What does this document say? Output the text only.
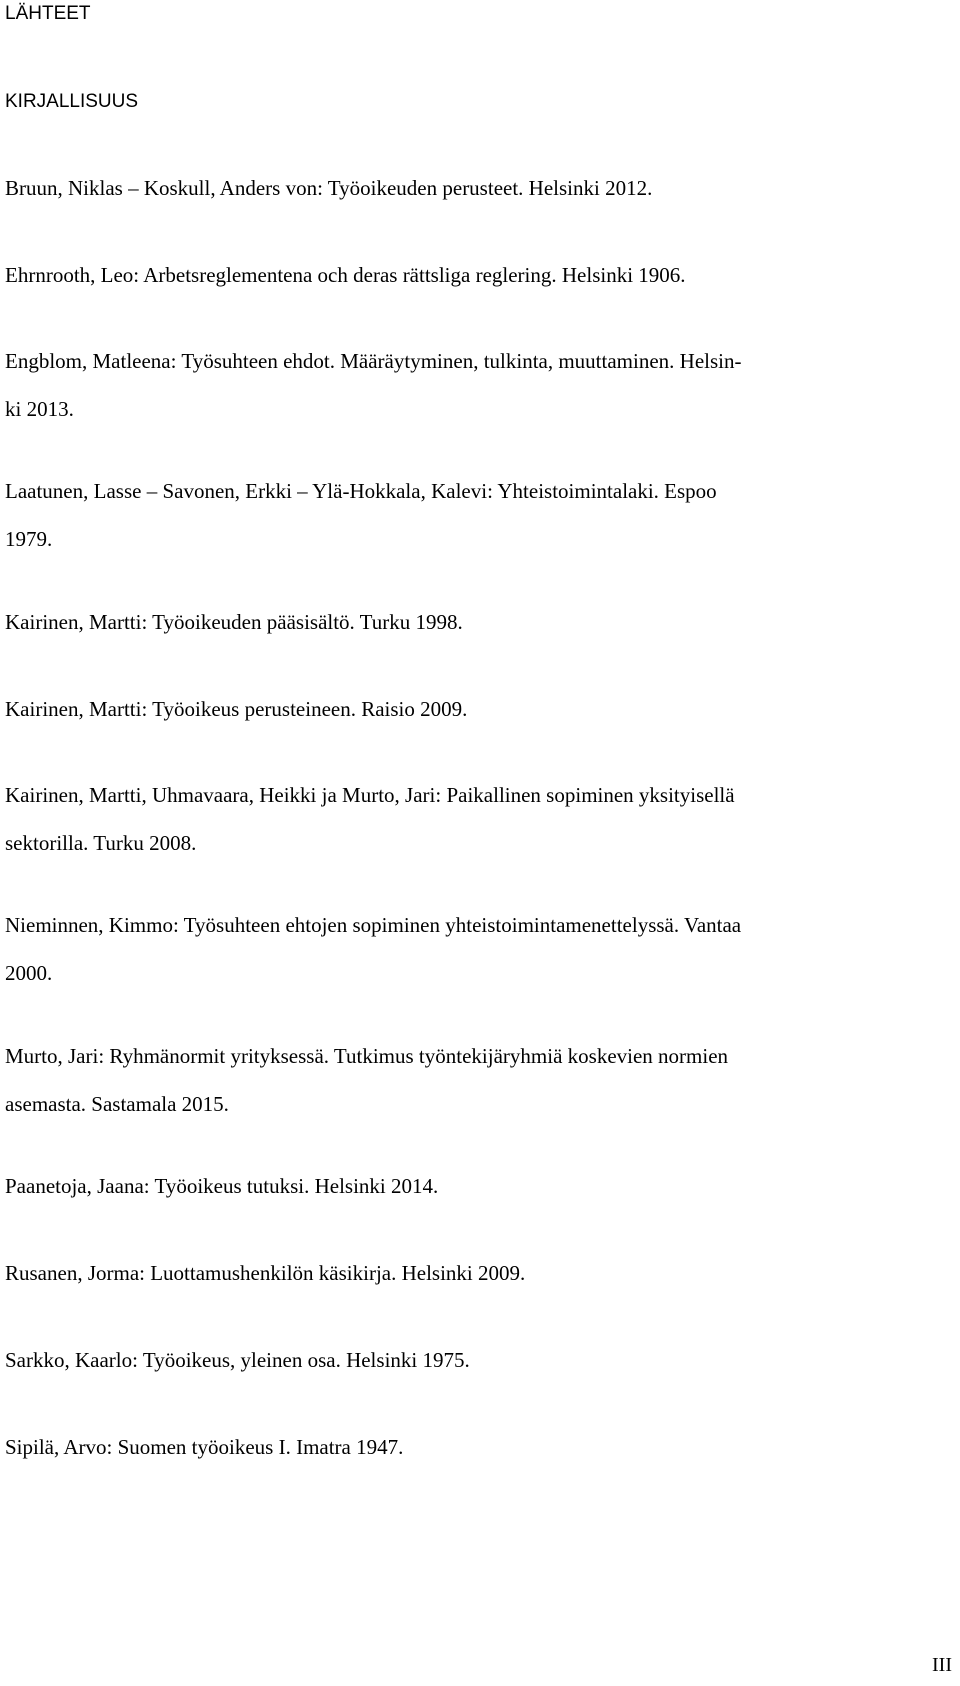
LÄHTEET
KIRJALLISUUS
Bruun, Niklas – Koskull, Anders von: Työoikeuden perusteet. Helsinki 2012.
Ehrnrooth, Leo: Arbetsreglementena och deras rättsliga reglering. Helsinki 1906.
Engblom, Matleena: Työsuhteen ehdot. Määräytyminen, tulkinta, muuttaminen. Helsin-
ki 2013.
Laatunen, Lasse – Savonen, Erkki – Ylä-Hokkala, Kalevi: Yhteistoimintalaki. Espoo
1979.
Kairinen, Martti: Työoikeuden pääsisältö. Turku 1998.
Kairinen, Martti: Työoikeus perusteineen. Raisio 2009.
Kairinen, Martti, Uhmavaara, Heikki ja Murto, Jari: Paikallinen sopiminen yksityisellä
sektorilla. Turku 2008.
Nieminnen, Kimmo: Työsuhteen ehtojen sopiminen yhteistoimintamenettelyssä. Vantaa
2000.
Murto, Jari: Ryhmänormit yrityksessä. Tutkimus työntekijäryhmiä koskevien normien
asemasta. Sastamala 2015.
Paanetoja, Jaana: Työoikeus tutuksi. Helsinki 2014.
Rusanen, Jorma: Luottamushenkilön käsikirja. Helsinki 2009.
Sarkko, Kaarlo: Työoikeus, yleinen osa. Helsinki 1975.
Sipilä, Arvo: Suomen työoikeus I. Imatra 1947.
III
